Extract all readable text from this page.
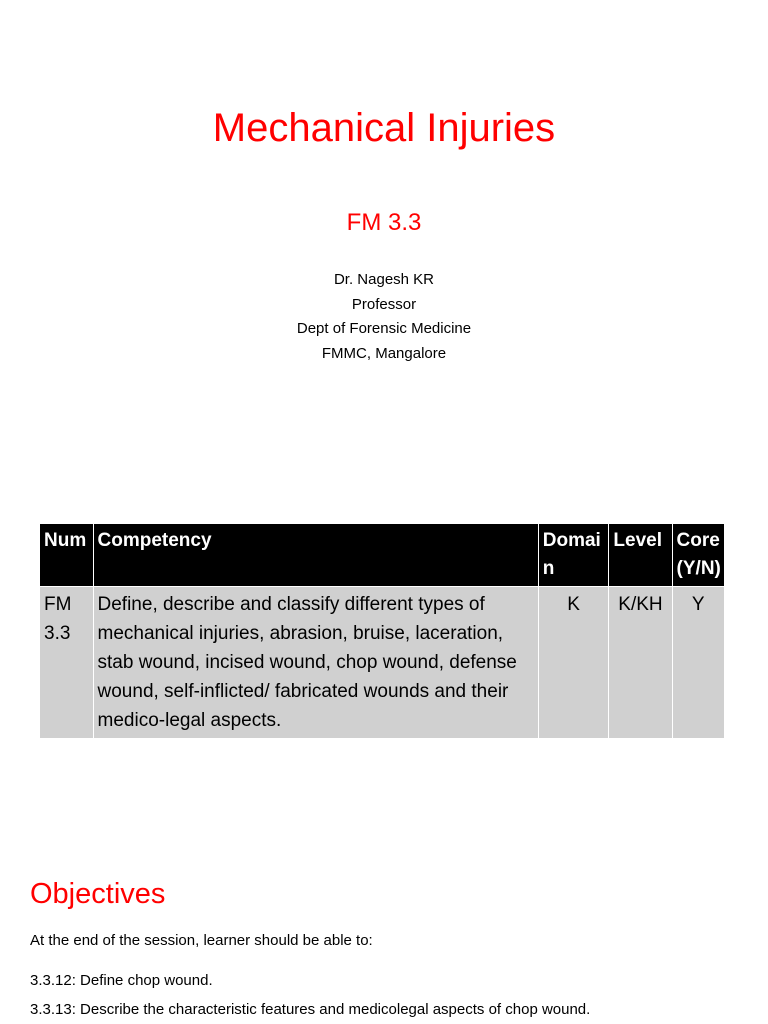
Mechanical Injuries
FM 3.3
Dr. Nagesh KR
Professor
Dept of Forensic Medicine
FMMC, Mangalore
Num	Competency	Domain	Level	Core (Y/N)
FM 3.3	Define, describe and classify different types of mechanical injuries, abrasion, bruise, laceration, stab wound, incised wound, chop wound, defense wound, self-inflicted/ fabricated wounds and their medico-legal aspects.	K	K/KH	Y
Objectives
At the end of the session, learner should be able to:
3.3.12: Define chop wound.
3.3.13: Describe the characteristic features and medicolegal aspects of chop wound.
